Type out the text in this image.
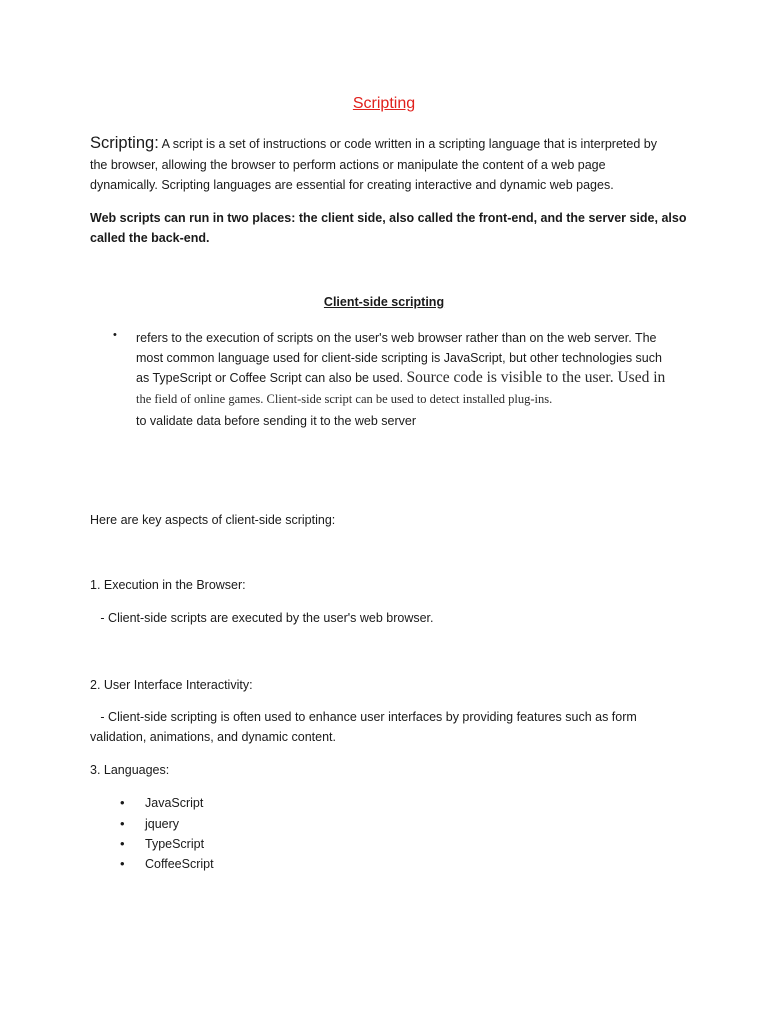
Scripting
Scripting: A script is a set of instructions or code written in a scripting language that is interpreted by
the browser, allowing the browser to perform actions or manipulate the content of a web page
dynamically. Scripting languages are essential for creating interactive and dynamic web pages.
Web scripts can run in two places: the client side, also called the front-end, and the server side, also
called the back-end.
Client-side scripting
• refers to the execution of scripts on the user's web browser rather than on the web server. The
most common language used for client-side scripting is JavaScript, but other technologies such
as TypeScript or Coffee Script can also be used. Source code is visible to the user. Used in
the field of online games. Client-side script can be used to detect installed plug-ins.
to validate data before sending it to the web server
Here are key aspects of client-side scripting:
1. Execution in the Browser:
- Client-side scripts are executed by the user's web browser.
2. User Interface Interactivity:
- Client-side scripting is often used to enhance user interfaces by providing features such as form
validation, animations, and dynamic content.
3. Languages:
• JavaScript
• jquery
• TypeScript
• CoffeeScript
